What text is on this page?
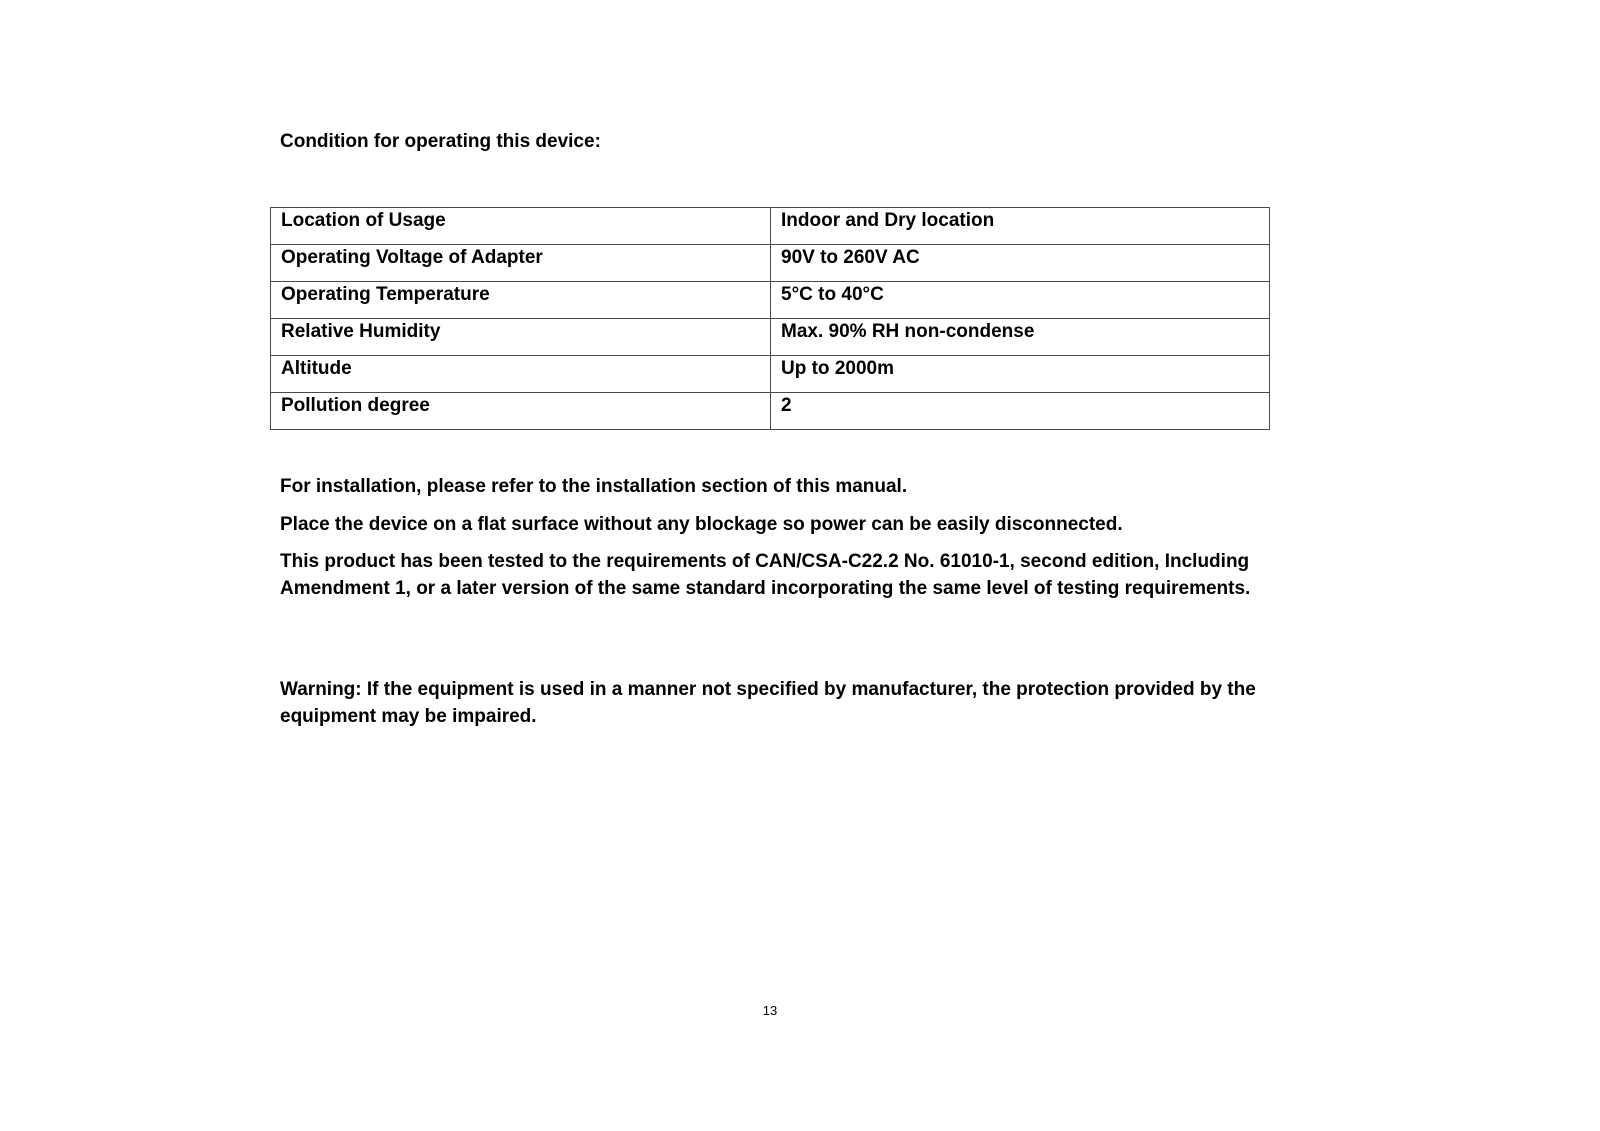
Condition for operating this device:
Location of Usage	Indoor and Dry location
Operating Voltage of Adapter	90V to 260V AC
Operating Temperature	5°C to 40°C
Relative Humidity	Max. 90% RH non-condense
Altitude	Up to 2000m
Pollution degree	2
For installation, please refer to the installation section of this manual.
Place the device on a flat surface without any blockage so power can be easily disconnected.
This product has been tested to the requirements of CAN/CSA-C22.2 No. 61010-1, second edition, Including Amendment 1, or a later version of the same standard incorporating the same level of testing requirements.
Warning: If the equipment is used in a manner not specified by manufacturer, the protection provided by the equipment may be impaired.
13
